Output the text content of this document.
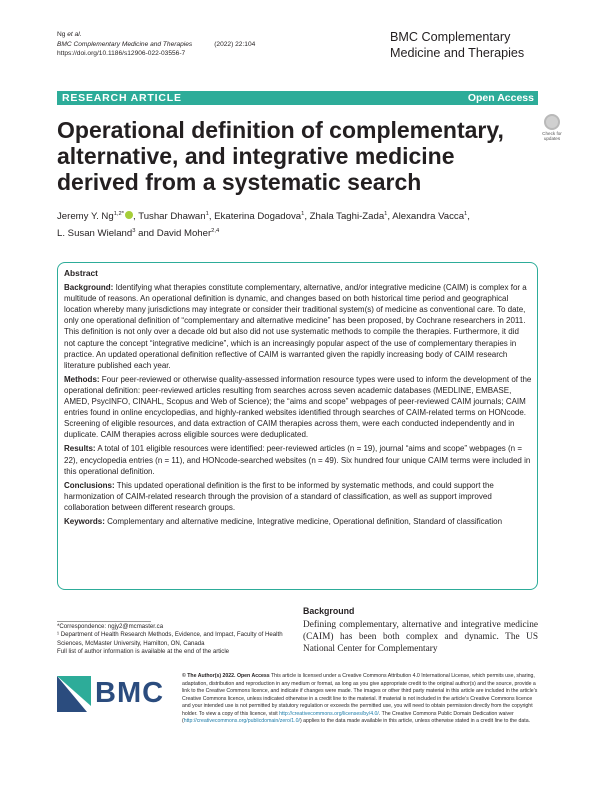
Ng et al.
BMC Complementary Medicine and Therapies	(2022) 22:104
https://doi.org/10.1186/s12906-022-03556-7
BMC Complementary
Medicine and Therapies
RESEARCH ARTICLE	Open Access
Operational definition of complementary, alternative, and integrative medicine derived from a systematic search
Check for
updates
Jeremy Y. $Ng^{1,2*}$ , Tushar Dhawan$^1$, Ekaterina Dogadova$^1$, Zhala Taghi-Zada$^1$, Alexandra Vacca$^1$,
L. Susan Wieland$^3$ and David Moher$^{2,4}$
Abstract

Background: Identifying what therapies constitute complementary, alternative, and/or integrative medicine (CAIM) is complex for a multitude of reasons. An operational definition is dynamic, and changes based on both historical time period and geographical location whereby many jurisdictions may integrate or consider their traditional system(s) of medicine as conventional care. To date, only one operational definition of “complementary and alternative medicine” has been proposed, by Cochrane researchers in 2011. This definition is not only over a decade old but also did not use systematic methods to compile the therapies. Furthermore, it did not capture the concept “integrative medicine”, which is an increasingly popular aspect of the use of complementary therapies in practice. An updated operational definition reflective of CAIM is warranted given the rapidly increasing body of CAIM research literature published each year.

Methods: Four peer-reviewed or otherwise quality-assessed information resource types were used to inform the development of the operational definition: peer-reviewed articles resulting from searches across seven academic databases (MEDLINE, EMBASE, AMED, PsycINFO, CINAHL, Scopus and Web of Science); the “aims and scope” webpages of peer-reviewed CAIM journals; CAIM entries found in online encyclopedias, and highly-ranked websites identified through searches of CAIM-related terms on HONcode. Screening of eligible resources, and data extraction of CAIM therapies across them, were each conducted independently and in duplicate. CAIM therapies across eligible sources were deduplicated.

Results: A total of 101 eligible resources were identified: peer-reviewed articles (n = 19), journal “aims and scope” webpages (n = 22), encyclopedia entries (n = 11), and HONcode-searched websites (n = 49). Six hundred four unique CAIM terms were included in this operational definition.

Conclusions: This updated operational definition is the first to be informed by systematic methods, and could support the harmonization of CAIM-related research through the provision of a standard of classification, as well as support improved collaboration between different research groups.

Keywords: Complementary and alternative medicine, Integrative medicine, Operational definition, Standard of classification

*Correspondence: ngjy2@mcmaster.ca
¹ Department of Health Research Methods, Evidence, and Impact, Faculty of Health Sciences, McMaster University, Hamilton, ON, Canada
Full list of author information is available at the end of the article
Background
Defining complementary, alternative and integrative medicine (CAIM) has been both complex and dynamic. The US National Center for Complementary
BMC
© The Author(s) 2022. Open Access This article is licensed under a Creative Commons Attribution 4.0 International License, which permits use, sharing, adaptation, distribution and reproduction in any medium or format, as long as you give appropriate credit to the original author(s) and the source, provide a link to the Creative Commons licence, and indicate if changes were made. The images or other third party material in this article are included in the article’s Creative Commons licence, unless indicated otherwise in a credit line to the material. If material is not included in the article’s Creative Commons licence and your intended use is not permitted by statutory regulation or exceeds the permitted use, you will need to obtain permission directly from the copyright holder. To view a copy of this licence, visit http://creativecommons.org/licenses/by/4.0/. The Creative Commons Public Domain Dedication waiver (http://creativecommons.org/publicdomain/zero/1.0/) applies to the data made available in this article, unless otherwise stated in a credit line to the data.
